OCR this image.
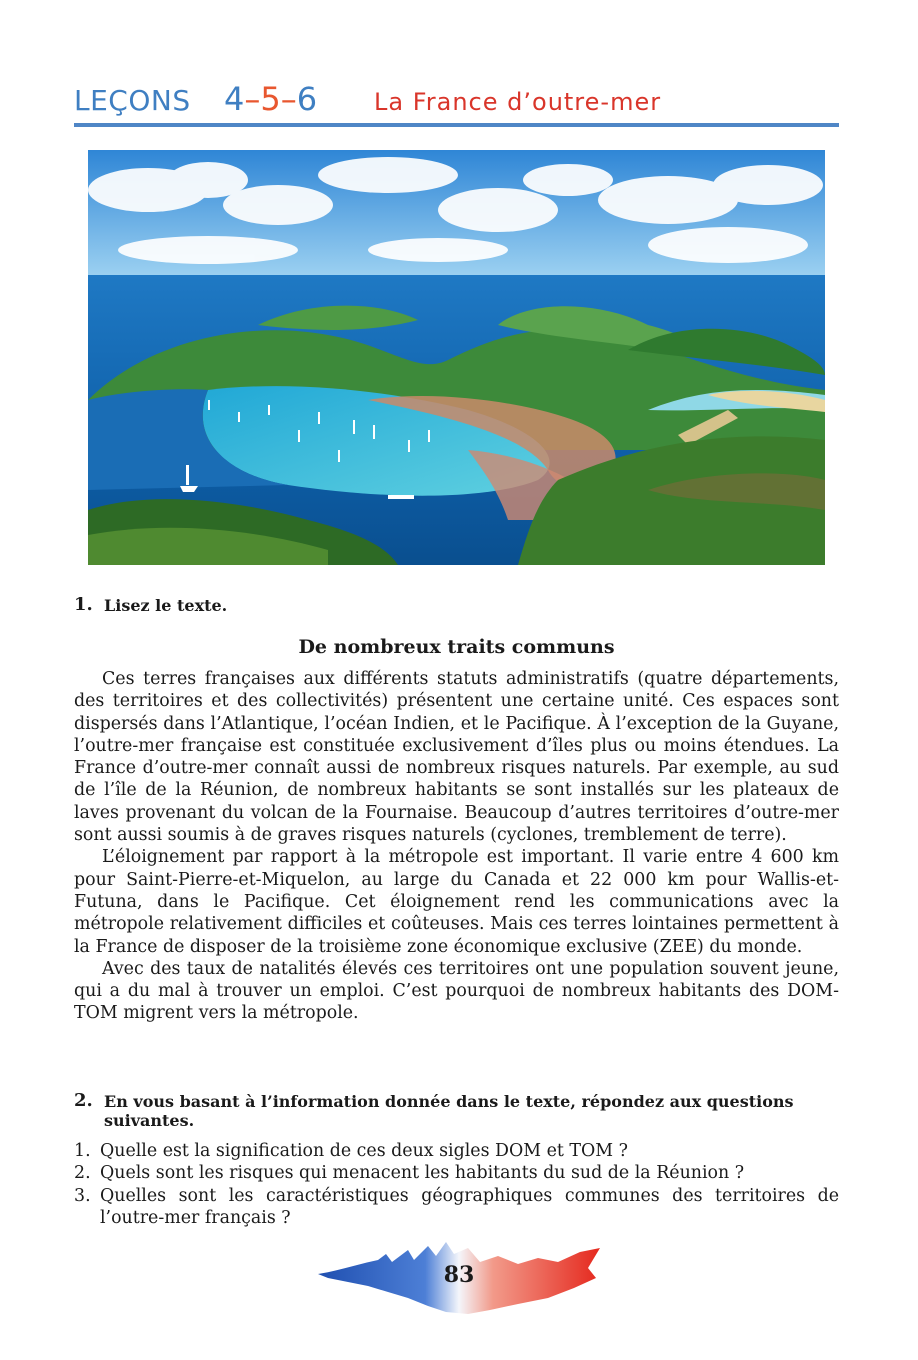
LEÇONS 4–5–6 La France d’outre-mer
1. Lisez le texte.
De nombreux traits communs

Ces terres françaises aux différents statuts administratifs (quatre départements, des territoires et des collectivités) présentent une certaine unité. Ces espaces sont dispersés dans l’Atlantique, l’océan Indien, et le Pacifique. À l’exception de la Guyane, l’outre-mer française est constituée exclusivement d’îles plus ou moins étendues. La France d’outre-mer connaît aussi de nombreux risques naturels. Par exemple, au sud de l’île de la Réunion, de nombreux habitants se sont installés sur les plateaux de laves provenant du volcan de la Fournaise. Beaucoup d’autres territoires d’outre-mer sont aussi soumis à de graves risques naturels (cyclones, tremblement de terre).

L’éloignement par rapport à la métropole est important. Il varie entre 4 600 km pour Saint-Pierre-et-Miquelon, au large du Canada et 22 000 km pour Wallis-et-Futuna, dans le Pacifique. Cet éloignement rend les communications avec la métropole relativement difficiles et coûteuses. Mais ces terres lointaines permettent à la France de disposer de la troisième zone économique exclusive (ZEE) du monde.

Avec des taux de natalités élevés ces territoires ont une population souvent jeune, qui a du mal à trouver un emploi. C’est pourquoi de nombreux habitants des DOM-TOM migrent vers la métropole.

2. En vous basant à l’information donnée dans le texte, répondez aux questions suivantes.
1. Quelle est la signification de ces deux sigles DOM et TOM ?
2. Quels sont les risques qui menacent les habitants du sud de la Réunion ?
3. Quelles sont les caractéristiques géographiques communes des territoires de l’outre-mer français ?
83
